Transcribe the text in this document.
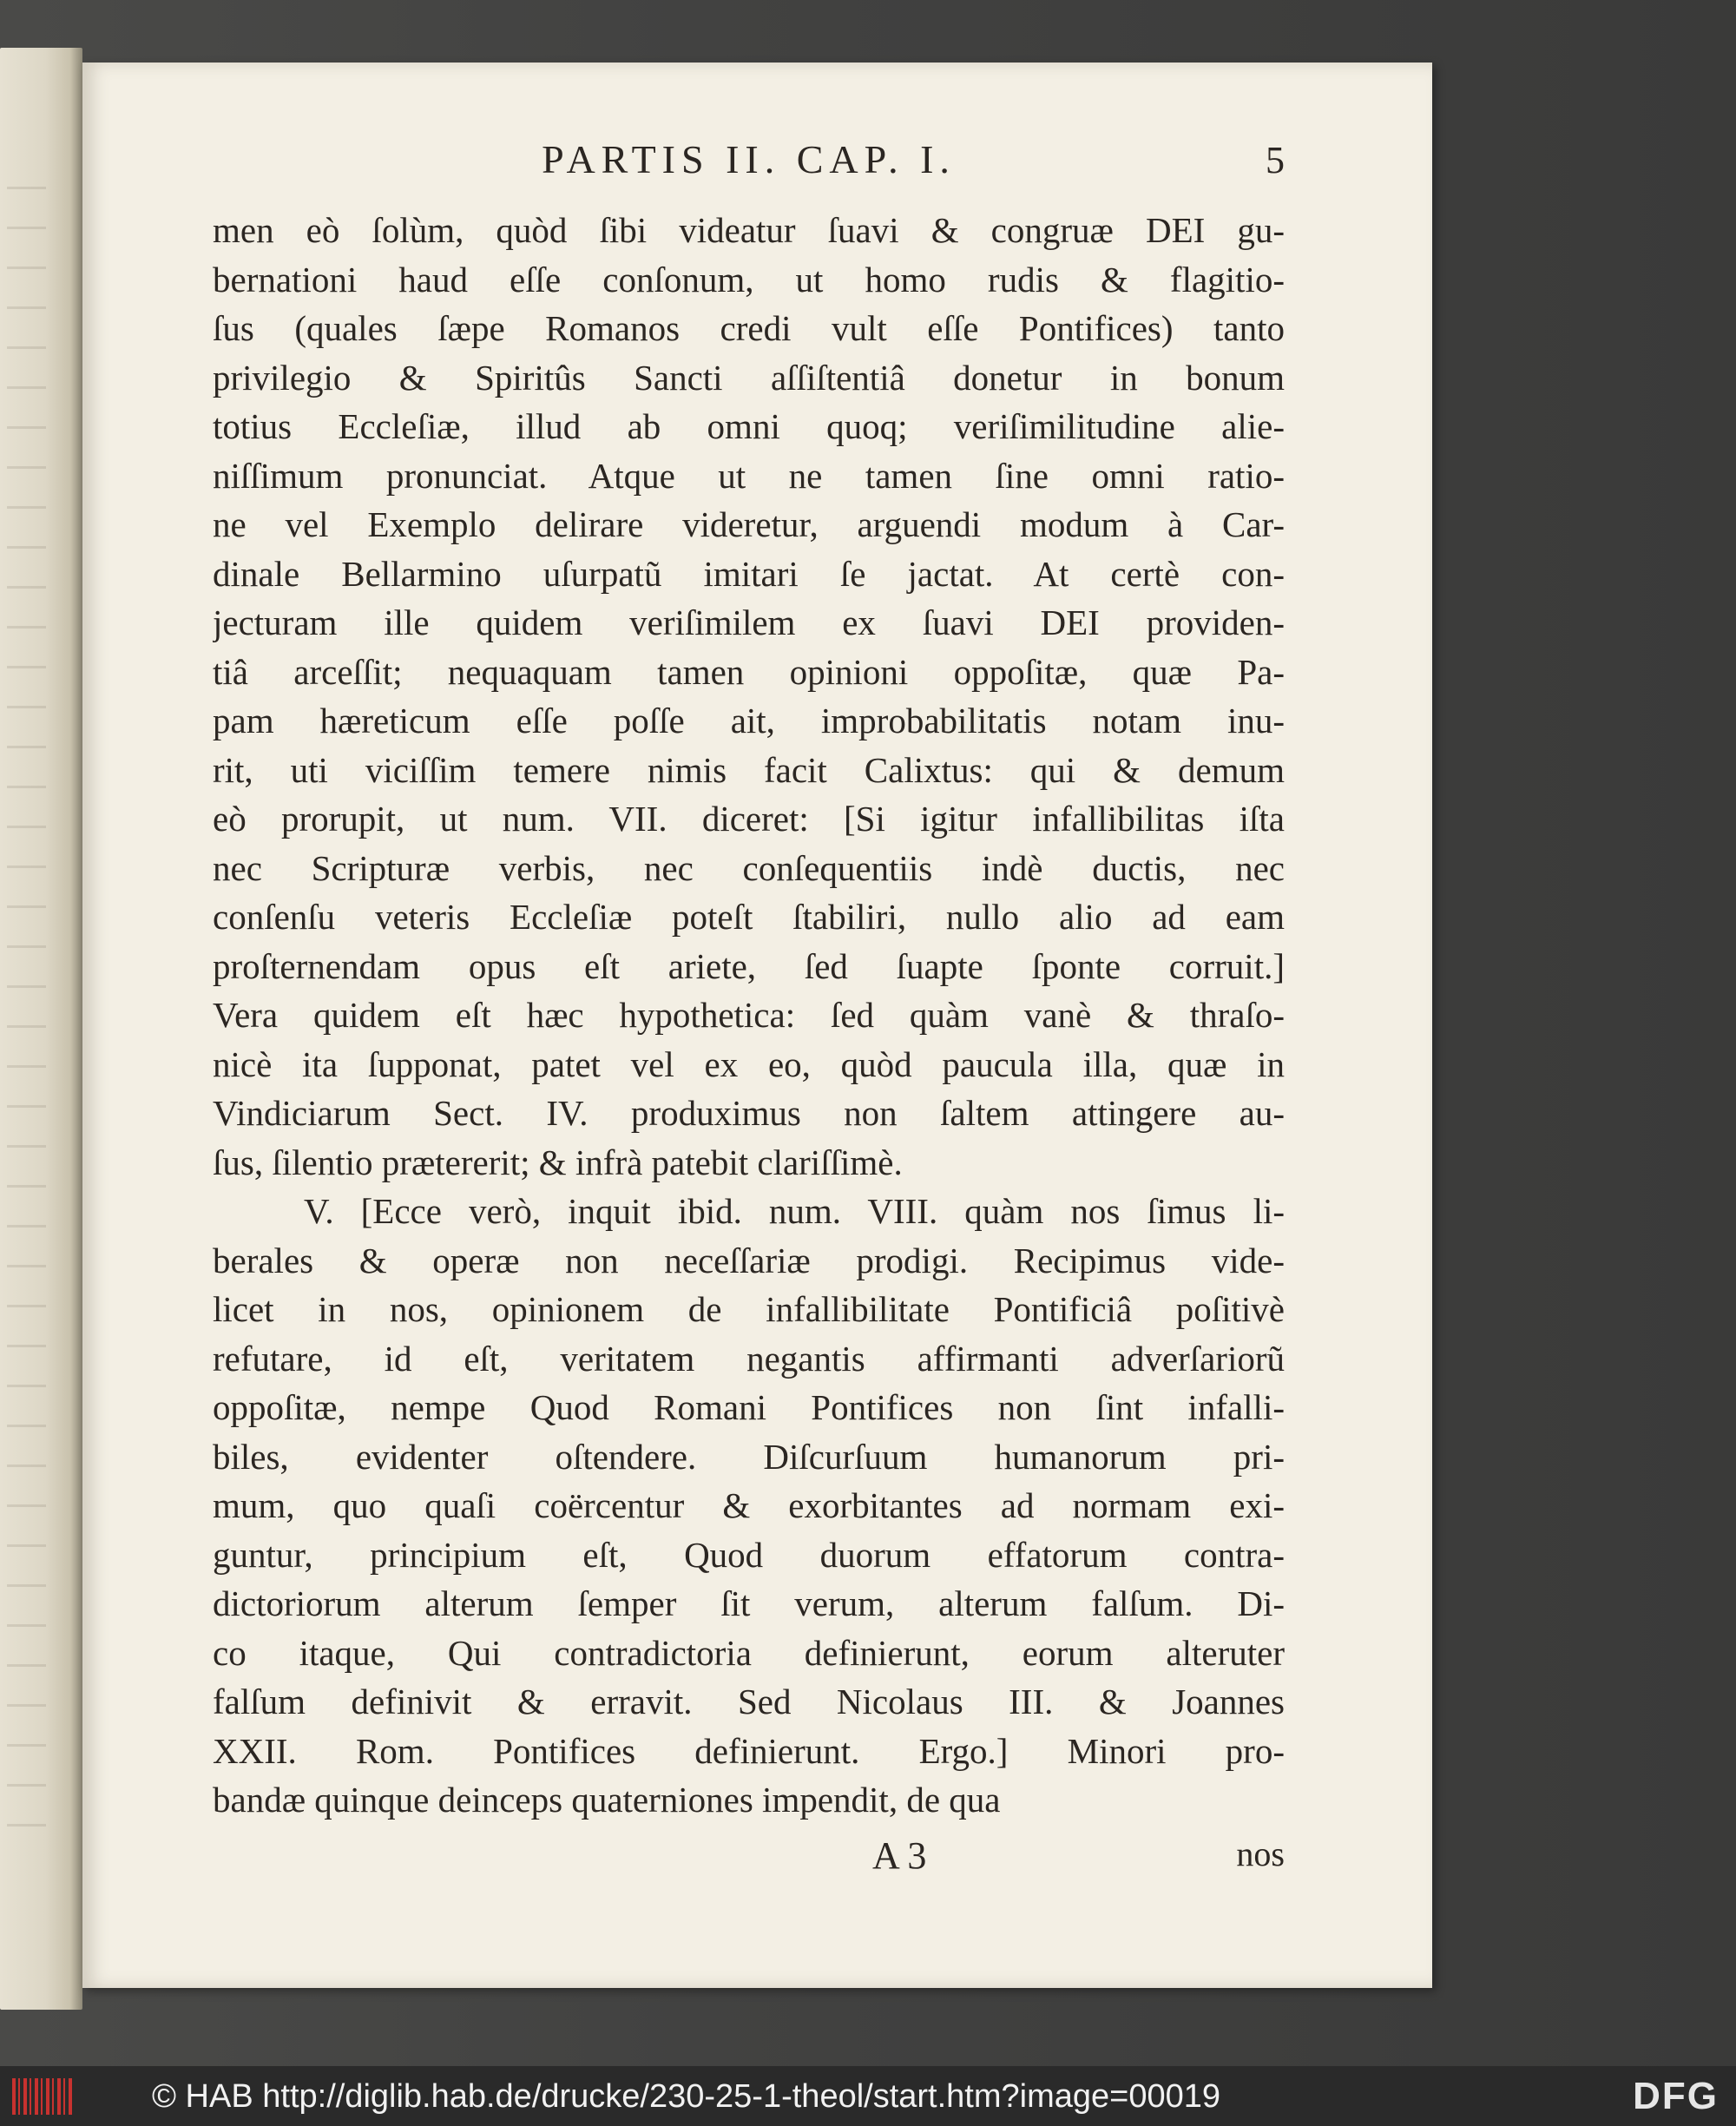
PARTIS II. CAP. I.	5
men eò ſolùm, quòd ſibi videatur ſuavi & congruæ DEI gu-
bernationi haud eſſe conſonum, ut homo rudis & flagitio-
ſus (quales ſæpe Romanos credi vult eſſe Pontifices) tanto
privilegio & Spiritûs Sancti aſſiſtentiâ donetur in bonum
totius Eccleſiæ, illud ab omni quoq; veriſimilitudine alie-
niſſimum pronunciat. Atque ut ne tamen ſine omni ratio-
ne vel Exemplo delirare videretur, arguendi modum à Car-
dinale Bellarmino uſurpatũ imitari ſe jactat. At certè con-
jecturam ille quidem veriſimilem ex ſuavi DEI providen-
tiâ arceſſit; nequaquam tamen opinioni oppoſitæ, quæ Pa-
pam hæreticum eſſe poſſe ait, improbabilitatis notam inu-
rit, uti viciſſim temere nimis facit Calixtus: qui & demum
eò prorupit, ut num. VII. diceret: [Si igitur infallibilitas iſta
nec Scripturæ verbis, nec conſequentiis indè ductis, nec
conſenſu veteris Eccleſiæ poteſt ſtabiliri, nullo alio ad eam
proſternendam opus eſt ariete, ſed ſuapte ſponte corruit.]
Vera quidem eſt hæc hypothetica: ſed quàm vanè & thraſo-
nicè ita ſupponat, patet vel ex eo, quòd paucula illa, quæ in
Vindiciarum Sect. IV. produximus non ſaltem attingere au-
ſus, ſilentio prætererit; & infrà patebit clariſſimè.
V. [Ecce verò, inquit ibid. num. VIII. quàm nos ſimus li-
berales & operæ non neceſſariæ prodigi. Recipimus vide-
licet in nos, opinionem de infallibilitate Pontificiâ poſitivè
refutare, id eſt, veritatem negantis affirmanti adverſariorũ
oppoſitæ, nempe Quod Romani Pontifices non ſint infalli-
biles, evidenter oſtendere. Diſcurſuum humanorum pri-
mum, quo quaſi coërcentur & exorbitantes ad normam exi-
guntur, principium eſt, Quod duorum effatorum contra-
dictoriorum alterum ſemper ſit verum, alterum falſum. Di-
co itaque, Qui contradictoria definierunt, eorum alteruter
falſum definivit & erravit. Sed Nicolaus III. & Joannes
XXII. Rom. Pontifices definierunt. Ergo.] Minori pro-
bandæ quinque deinceps quaterniones impendit, de qua
A 3	nos
© HAB http://diglib.hab.de/drucke/230-25-1-theol/start.htm?image=00019	DFG
